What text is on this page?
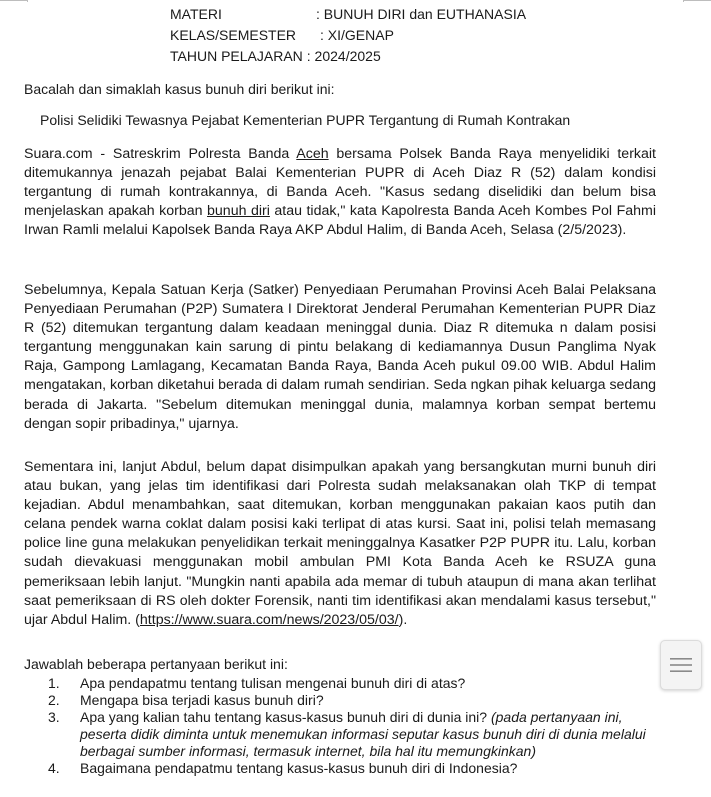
MATERI	: BUNUH DIRI dan EUTHANASIA
KELAS/SEMESTER	: XI/GENAP
TAHUN PELAJARAN : 2024/2025
Bacalah dan simaklah kasus bunuh diri berikut ini:
Polisi Selidiki Tewasnya Pejabat Kementerian PUPR Tergantung di Rumah Kontrakan
Suara.com - Satreskrim Polresta Banda Aceh bersama Polsek Banda Raya menyelidiki terkait ditemukannya jenazah pejabat Balai Kementerian PUPR di Aceh Diaz R (52) dalam kondisi tergantung di rumah kontrakannya, di Banda Aceh. "Kasus sedang diselidiki dan belum bisa menjelaskan apakah korban bunuh diri atau tidak," kata Kapolresta Banda Aceh Kombes Pol Fahmi Irwan Ramli melalui Kapolsek Banda Raya AKP Abdul Halim, di Banda Aceh, Selasa (2/5/2023).
Sebelumnya, Kepala Satuan Kerja (Satker) Penyediaan Perumahan Provinsi Aceh Balai Pelaksana Penyediaan Perumahan (P2P) Sumatera I Direktorat Jenderal Perumahan Kementerian PUPR Diaz R (52) ditemukan tergantung dalam keadaan meninggal dunia. Diaz R ditemuka n dalam posisi tergantung menggunakan kain sarung di pintu belakang di kediamannya Dusun Panglima Nyak Raja, Gampong Lamlagang, Kecamatan Banda Raya, Banda Aceh pukul 09.00 WIB. Abdul Halim mengatakan, korban diketahui berada di dalam rumah sendirian. Seda ngkan pihak keluarga sedang berada di Jakarta. "Sebelum ditemukan meninggal dunia, malamnya korban sempat bertemu dengan sopir pribadinya," ujarnya.
Sementara ini, lanjut Abdul, belum dapat disimpulkan apakah yang bersangkutan murni bunuh diri atau bukan, yang jelas tim identifikasi dari Polresta sudah melaksanakan olah TKP di tempat kejadian. Abdul menambahkan, saat ditemukan, korban menggunakan pakaian kaos putih dan celana pendek warna coklat dalam posisi kaki terlipat di atas kursi. Saat ini, polisi telah memasang police line guna melakukan penyelidikan terkait meninggalnya Kasatker P2P PUPR itu. Lalu, korban sudah dievakuasi menggunakan mobil ambulan PMI Kota Banda Aceh ke RSUZA guna pemeriksaan lebih lanjut. "Mungkin nanti apabila ada memar di tubuh ataupun di mana akan terlihat saat pemeriksaan di RS oleh dokter Forensik, nanti tim identifikasi akan mendalami kasus tersebut," ujar Abdul Halim. (https://www.suara.com/news/2023/05/03/).
Jawablah beberapa pertanyaan berikut ini:
1.	Apa pendapatmu tentang tulisan mengenai bunuh diri di atas?
2.	Mengapa bisa terjadi kasus bunuh diri?
3.	Apa yang kalian tahu tentang kasus-kasus bunuh diri di dunia ini? (pada pertanyaan ini, peserta didik diminta untuk menemukan informasi seputar kasus bunuh diri di dunia melalui berbagai sumber informasi, termasuk internet, bila hal itu memungkinkan)
4.	Bagaimana pendapatmu tentang kasus-kasus bunuh diri di Indonesia?
